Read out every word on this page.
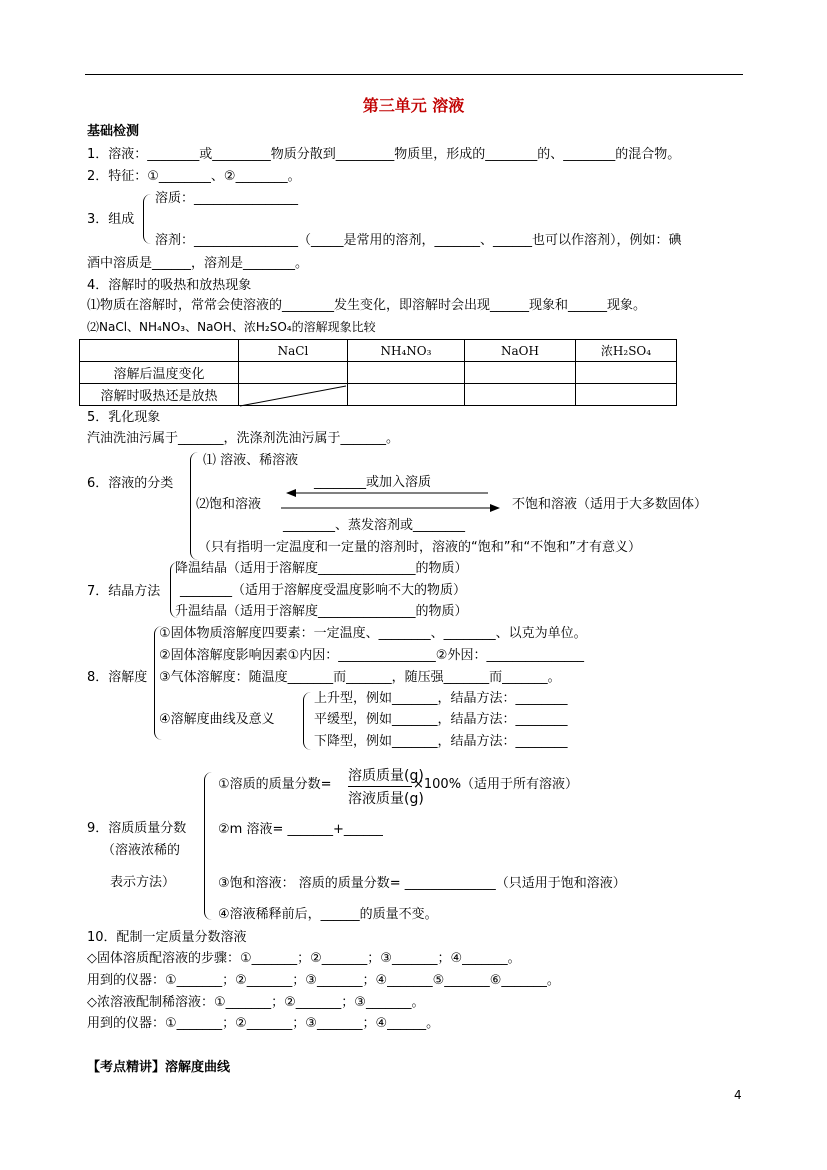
第三单元 溶液
基础检测
1．溶液：________或_________物质分散到_________物质里，形成的________的、________的混合物。
2．特征：①________、②________。
3．组成
溶质：________________
溶剂：________________（_____是常用的溶剂，_______、______也可以作溶剂），例如：碘
酒中溶质是______，溶剂是________。
4．溶解时的吸热和放热现象
⑴物质在溶解时，常常会使溶液的________发生变化，即溶解时会出现______现象和______现象。
⑵NaCl、NH₄NO₃、NaOH、浓H₂SO₄的溶解现象比较
	NaCl	NH₄NO₃	NaOH	浓H₂SO₄
溶解后温度变化				
溶解时吸热还是放热				
5．乳化现象
汽油洗油污属于_______，洗涤剂洗油污属于_______。
6．溶液的分类
⑴ 溶液、稀溶液
⑵饱和溶液
________或加入溶质
不饱和溶液（适用于大多数固体）
________、蒸发溶剂或________
（只有指明一定温度和一定量的溶剂时，溶液的“饱和”和“不饱和”才有意义）
7．结晶方法
降温结晶（适用于溶解度_______________的物质）
________（适用于溶解度受温度影响不大的物质）
升温结晶（适用于溶解度_______________的物质）
8．溶解度
①固体物质溶解度四要素：一定温度、________、________、以克为单位。
②固体溶解度影响因素①内因：_______________②外因：_______________
③气体溶解度：随温度_______而_______，随压强_______而_______。
④溶解度曲线及意义
上升型，例如_______，结晶方法：________
平缓型，例如_______，结晶方法：________
下降型，例如_______，结晶方法：________
9．溶质质量分数
（溶液浓稀的
表示方法）
①溶质的质量分数=
溶质质量(g)
溶液质量(g)
×100%（适用于所有溶液）
②m 溶液= _______+______
③饱和溶液： 溶质的质量分数= ______________（只适用于饱和溶液）
④溶液稀释前后，______的质量不变。
10．配制一定质量分数溶液
◇固体溶质配溶液的步骤：①_______；②_______；③_______；④_______。
用到的仪器：①_______；②_______；③_______；④_______⑤_______⑥_______。
◇浓溶液配制稀溶液：①_______；②_______；③_______。
用到的仪器：①_______；②_______；③_______；④______。
【考点精讲】溶解度曲线
4
